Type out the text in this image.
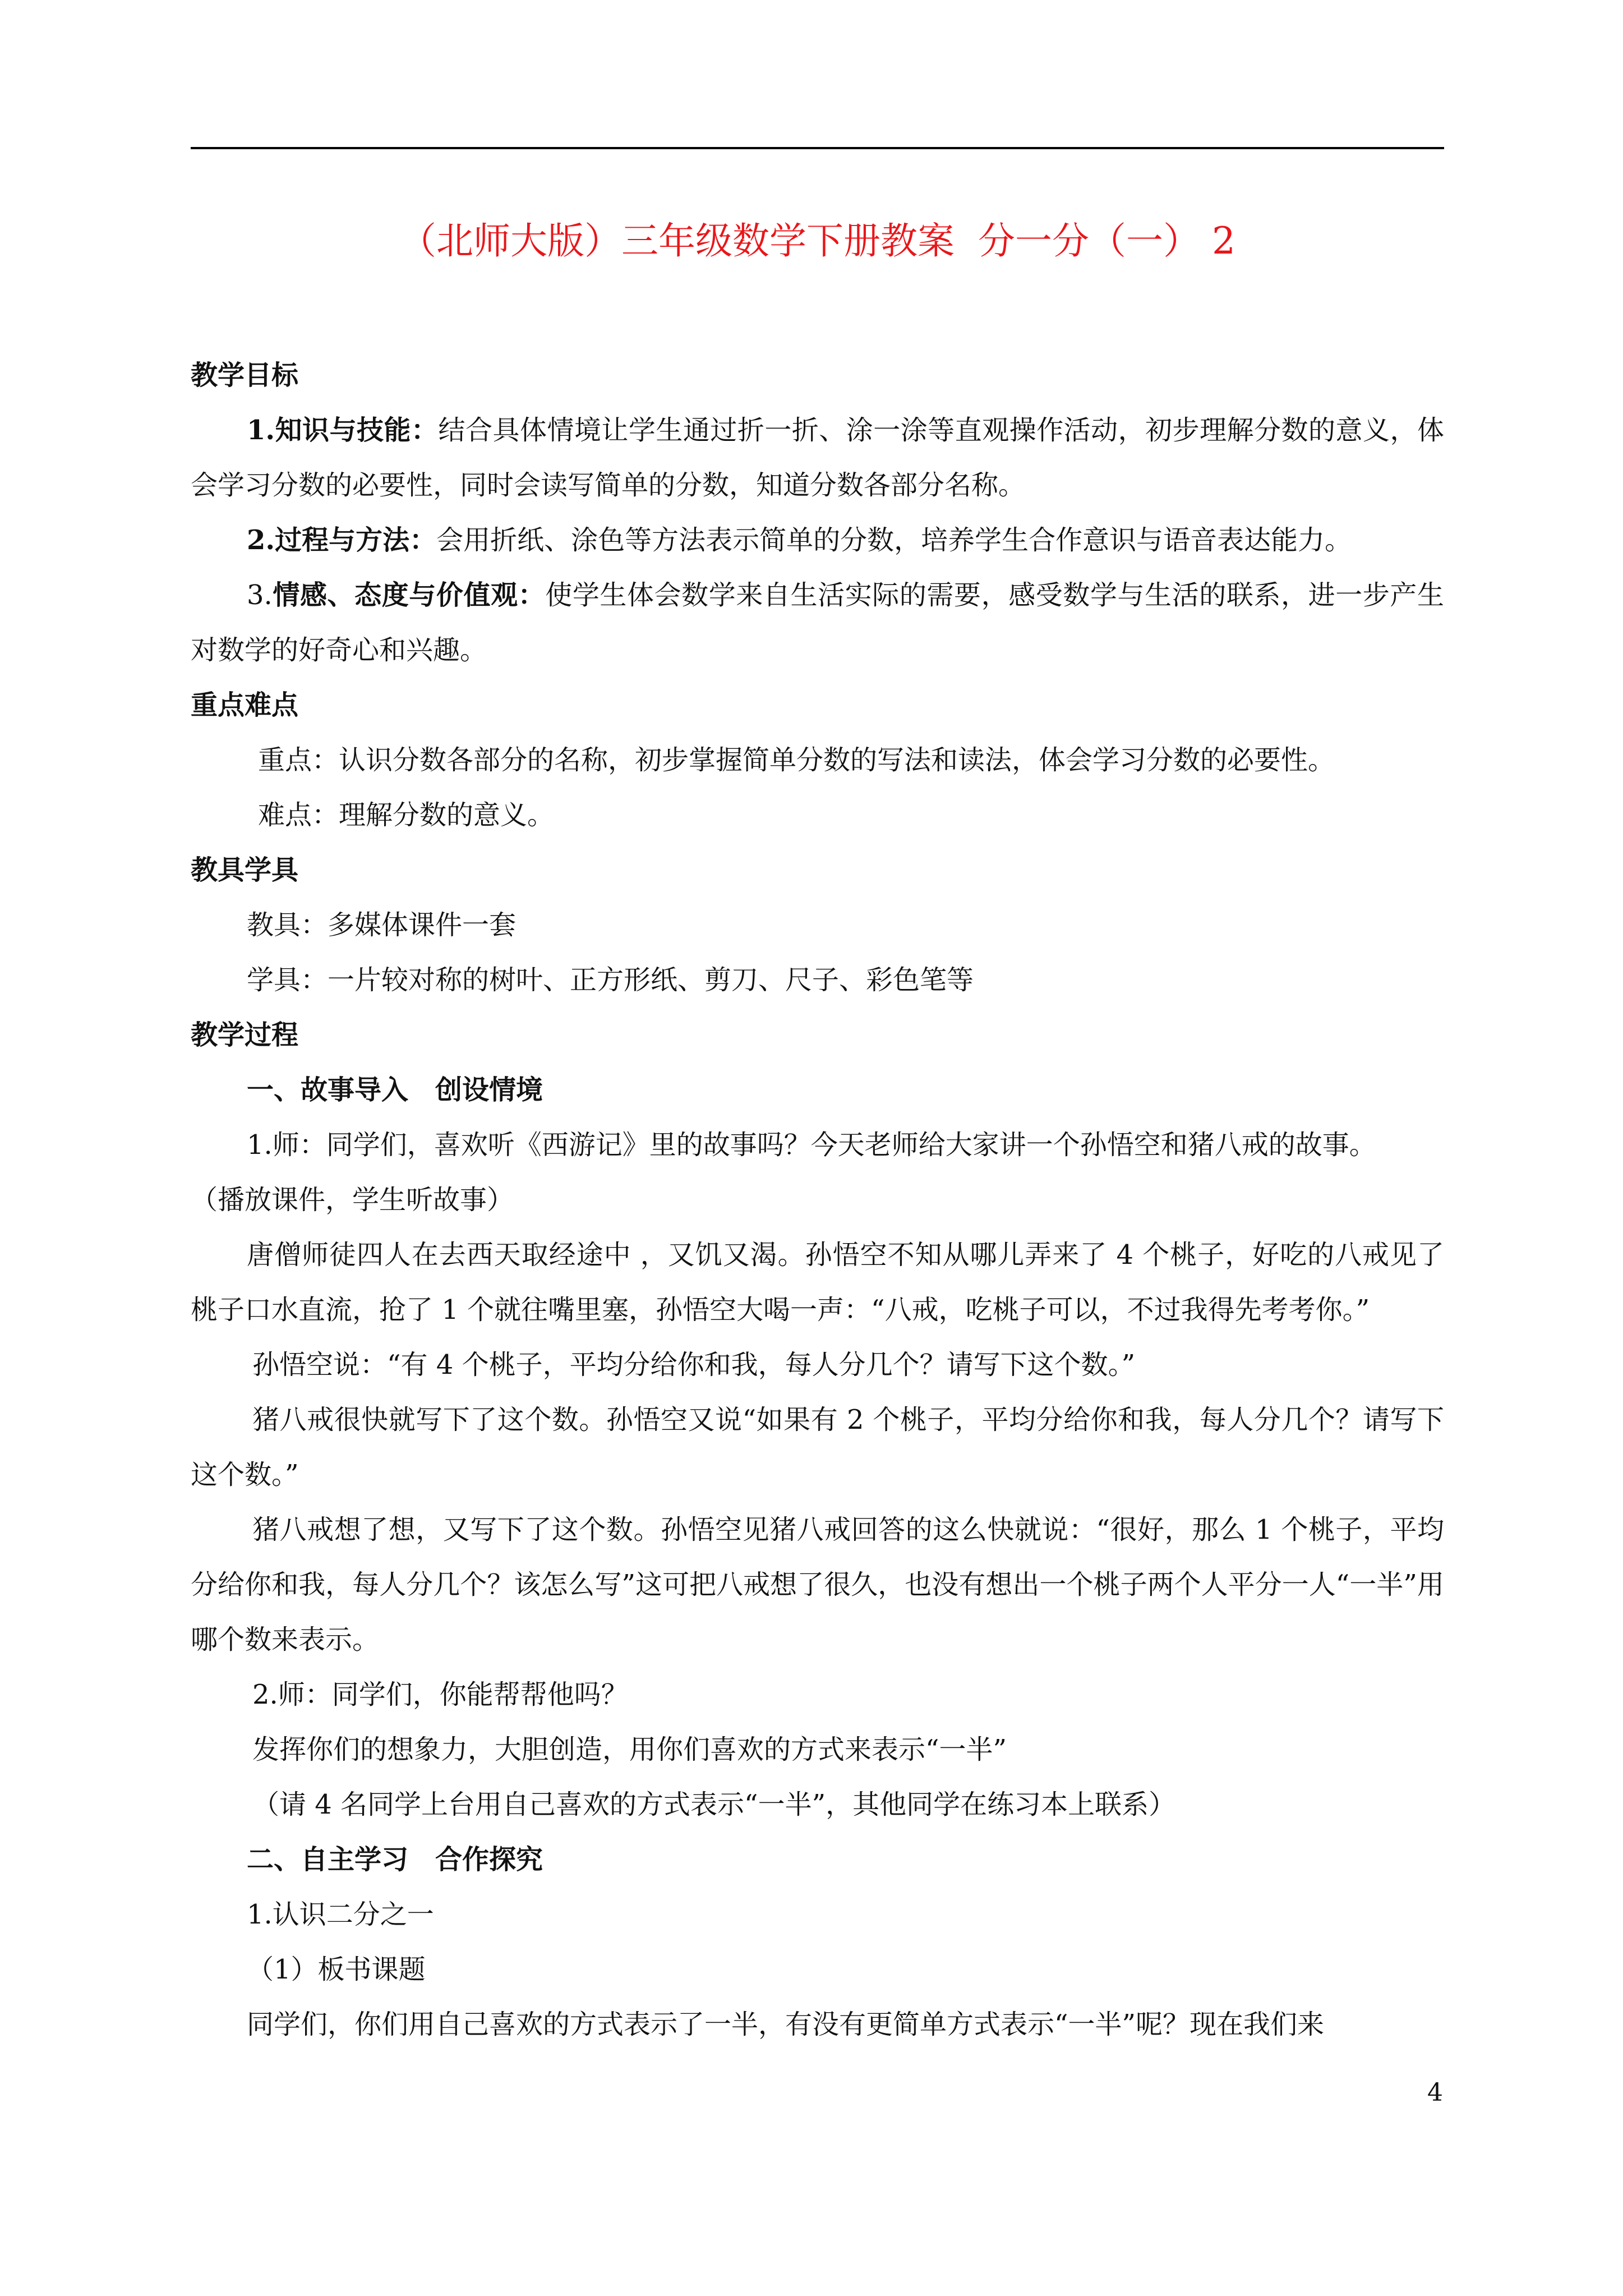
（北师大版）三年级数学下册教案  分一分（一） 2

教学目标

1.知识与技能：结合具体情境让学生通过折一折、涂一涂等直观操作活动，初步理解分数的意义，体会学习分数的必要性，同时会读写简单的分数，知道分数各部分名称。

2.过程与方法：会用折纸、涂色等方法表示简单的分数，培养学生合作意识与语音表达能力。

3.情感、态度与价值观：使学生体会数学来自生活实际的需要，感受数学与生活的联系，进一步产生对数学的好奇心和兴趣。

重点难点

重点：认识分数各部分的名称，初步掌握简单分数的写法和读法，体会学习分数的必要性。

难点：理解分数的意义。

教具学具

教具：多媒体课件一套

学具：一片较对称的树叶、正方形纸、剪刀、尺子、彩色笔等

教学过程

一、故事导入　创设情境

1.师：同学们，喜欢听《西游记》里的故事吗？今天老师给大家讲一个孙悟空和猪八戒的故事。

（播放课件，学生听故事）

唐僧师徒四人在去西天取经途中 ，又饥又渴。孙悟空不知从哪儿弄来了 4 个桃子，好吃的八戒见了桃子口水直流，抢了 1 个就往嘴里塞，孙悟空大喝一声：“八戒，吃桃子可以，不过我得先考考你。”

孙悟空说：“有 4 个桃子，平均分给你和我，每人分几个？请写下这个数。”

猪八戒很快就写下了这个数。孙悟空又说“如果有 2 个桃子，平均分给你和我，每人分几个？请写下这个数。”

猪八戒想了想，又写下了这个数。孙悟空见猪八戒回答的这么快就说：“很好，那么 1 个桃子，平均分给你和我，每人分几个？该怎么写”这可把八戒想了很久，也没有想出一个桃子两个人平分一人“一半”用哪个数来表示。

2.师：同学们，你能帮帮他吗？

发挥你们的想象力，大胆创造，用你们喜欢的方式来表示“一半”

（请 4 名同学上台用自己喜欢的方式表示“一半”，其他同学在练习本上联系）

二、自主学习　合作探究

1.认识二分之一

（1）板书课题

同学们，你们用自己喜欢的方式表示了一半，有没有更简单方式表示“一半”呢？现在我们来

4
